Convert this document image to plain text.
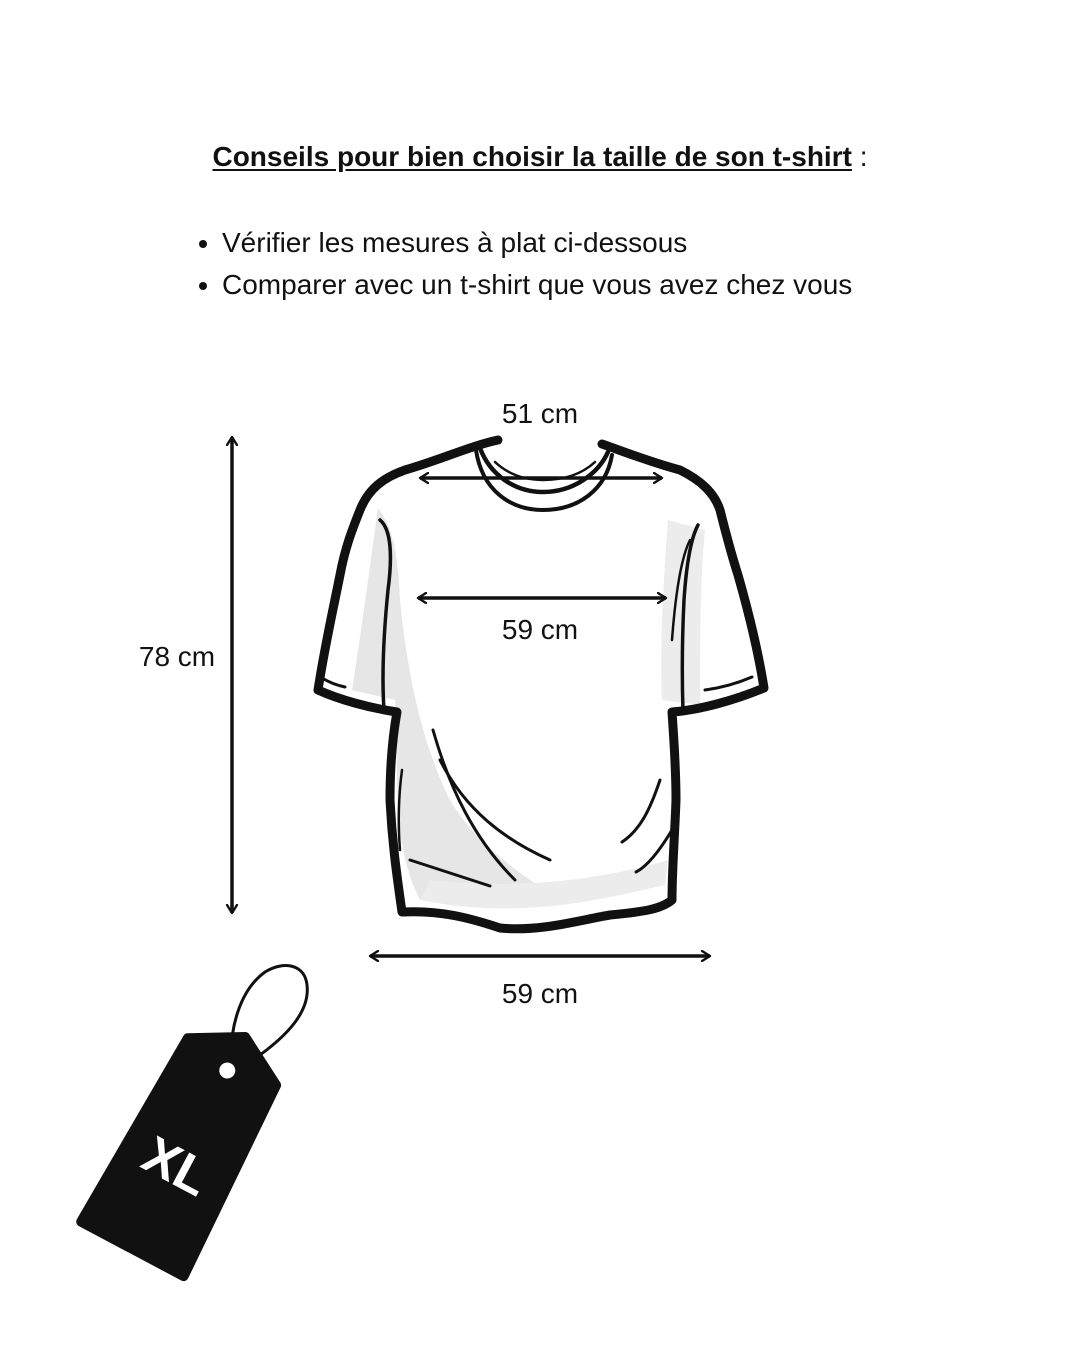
Conseils pour bien choisir la taille de son t-shirt :
• Vérifier les mesures à plat ci-dessous
• Comparer avec un t-shirt que vous avez chez vous
XL
51 cm
59 cm
59 cm
78 cm
